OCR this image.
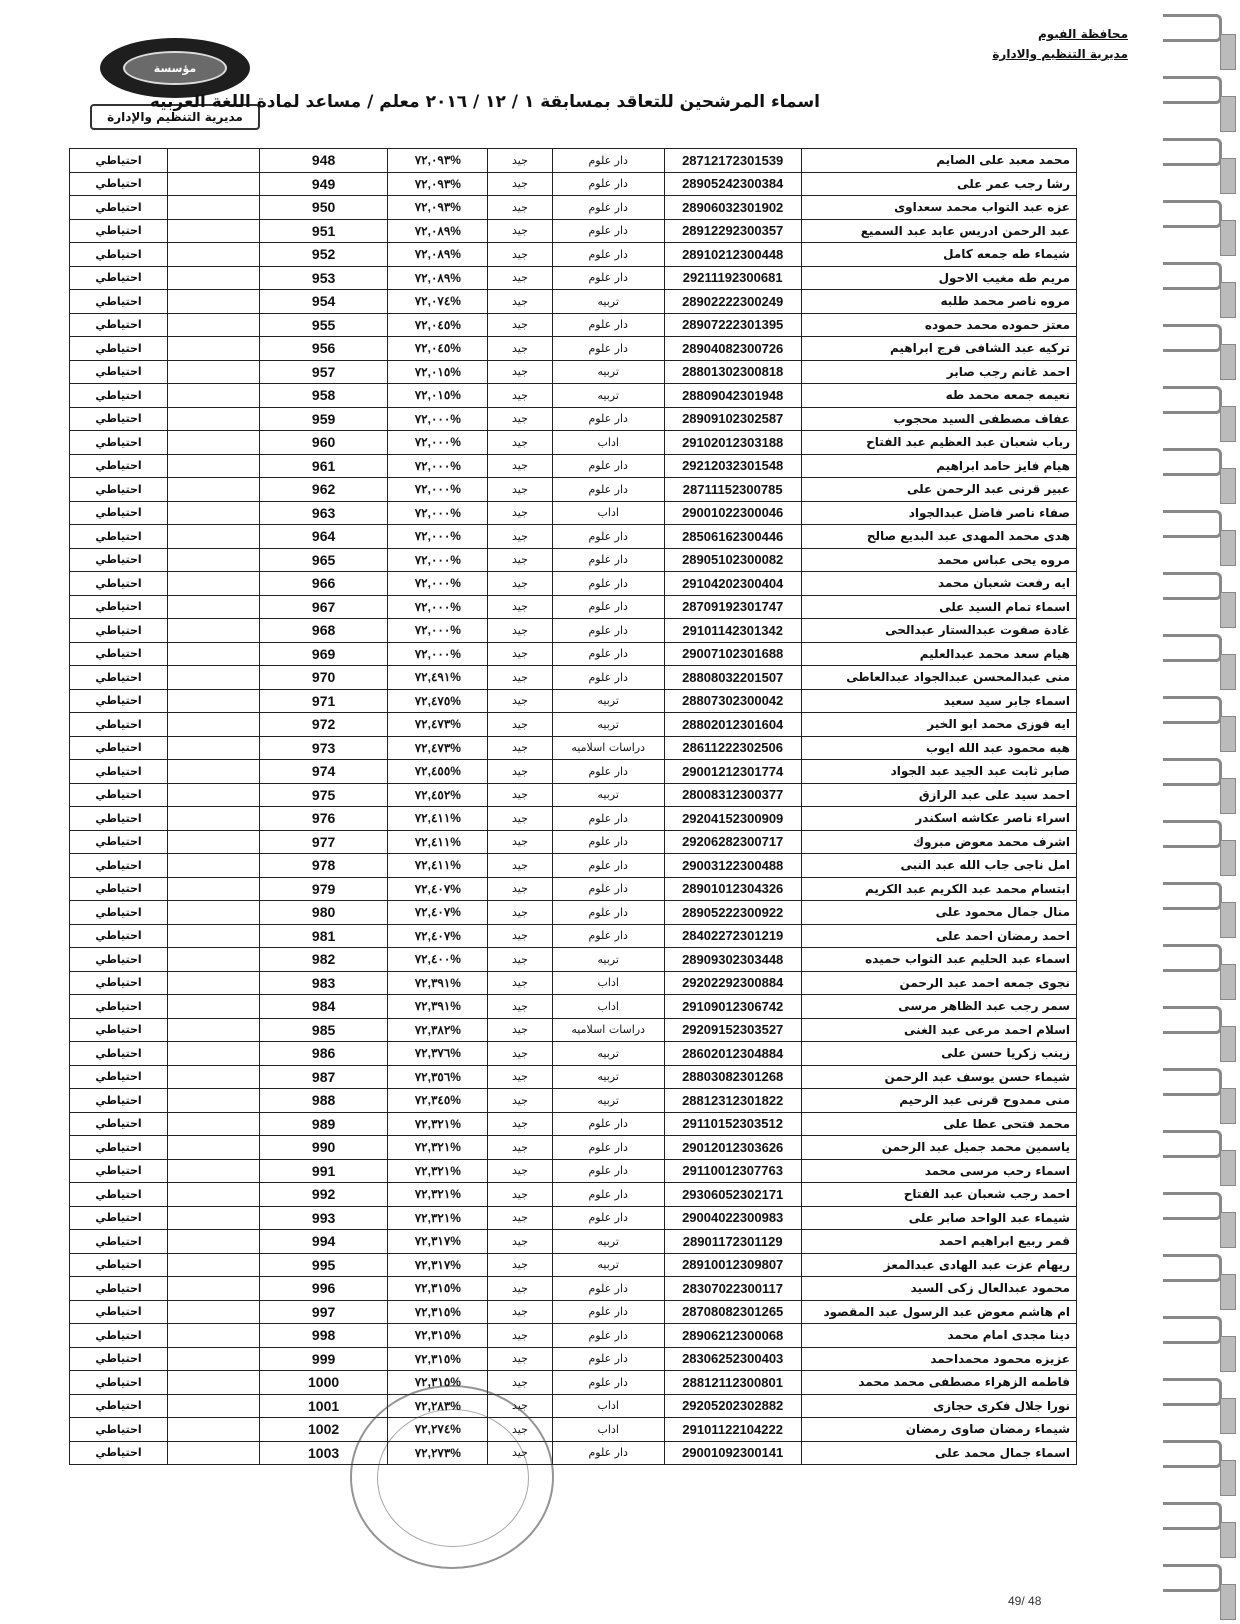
محافظة الفيوم
مديرية التنظيم والادارة
مؤسسة
مديرية التنظيم والإدارة
اسماء المرشحين للتعاقد بمسابقة ١ / ١٢ / ٢٠١٦ معلم / مساعد لمادة اللغة العربيه
محمد معبد على الصايم	28712172301539	دار علوم	جيد	%٧٢,٠٩٣	948		احتياطي
رشا رجب عمر على	28905242300384	دار علوم	جيد	%٧٢,٠٩٣	949		احتياطي
عزه عبد التواب محمد سعداوى	28906032301902	دار علوم	جيد	%٧٢,٠٩٣	950		احتياطي
عبد الرحمن ادريس عابد عبد السميع	28912292300357	دار علوم	جيد	%٧٢,٠٨٩	951		احتياطي
شيماء طه جمعه كامل	28910212300448	دار علوم	جيد	%٧٢,٠٨٩	952		احتياطي
مريم طه مغيب الاحول	29211192300681	دار علوم	جيد	%٧٢,٠٨٩	953		احتياطي
مروه ناصر محمد طلبه	28902222300249	تربيه	جيد	%٧٢,٠٧٤	954		احتياطي
معتز حموده محمد حموده	28907222301395	دار علوم	جيد	%٧٢,٠٤٥	955		احتياطي
تركيه عبد الشافى فرج ابراهيم	28904082300726	دار علوم	جيد	%٧٢,٠٤٥	956		احتياطي
احمد غانم رجب صابر	28801302300818	تربيه	جيد	%٧٢,٠١٥	957		احتياطي
نعيمه جمعه محمد طه	28809042301948	تربيه	جيد	%٧٢,٠١٥	958		احتياطي
عفاف مصطفى السيد محجوب	28909102302587	دار علوم	جيد	%٧٢,٠٠٠	959		احتياطي
رباب شعبان عبد العظيم عبد الفتاح	29102012303188	اداب	جيد	%٧٢,٠٠٠	960		احتياطي
هيام فايز حامد ابراهيم	29212032301548	دار علوم	جيد	%٧٢,٠٠٠	961		احتياطي
عبير قرنى عبد الرحمن على	28711152300785	دار علوم	جيد	%٧٢,٠٠٠	962		احتياطي
صفاء ناصر فاضل عبدالجواد	29001022300046	اداب	جيد	%٧٢,٠٠٠	963		احتياطي
هدى محمد المهدى عبد البديع صالح	28506162300446	دار علوم	جيد	%٧٢,٠٠٠	964		احتياطي
مروه يحى عباس محمد	28905102300082	دار علوم	جيد	%٧٢,٠٠٠	965		احتياطي
ايه رفعت شعبان محمد	29104202300404	دار علوم	جيد	%٧٢,٠٠٠	966		احتياطي
اسماء تمام السيد على	28709192301747	دار علوم	جيد	%٧٢,٠٠٠	967		احتياطي
غادة صفوت عبدالستار عبدالحى	29101142301342	دار علوم	جيد	%٧٢,٠٠٠	968		احتياطي
هيام سعد محمد عبدالعليم	29007102301688	دار علوم	جيد	%٧٢,٠٠٠	969		احتياطي
منى عبدالمحسن عبدالجواد عبدالعاطى	28808032201507	دار علوم	جيد	%٧٢,٤٩١	970		احتياطي
اسماء جابر سيد سعيد	28807302300042	تربيه	جيد	%٧٢,٤٧٥	971		احتياطي
ايه فوزى محمد ابو الخير	28802012301604	تربيه	جيد	%٧٢,٤٧٣	972		احتياطي
هبه محمود عبد الله ايوب	28611222302506	دراسات اسلاميه	جيد	%٧٢,٤٧٣	973		احتياطي
صابر ثابت عبد الجيد عبد الجواد	29001212301774	دار علوم	جيد	%٧٢,٤٥٥	974		احتياطي
احمد سيد على عبد الرازق	28008312300377	تربيه	جيد	%٧٢,٤٥٢	975		احتياطي
اسراء ناصر عكاشه اسكندر	29204152300909	دار علوم	جيد	%٧٢,٤١١	976		احتياطي
اشرف محمد معوض مبروك	29206282300717	دار علوم	جيد	%٧٢,٤١١	977		احتياطي
امل ناجى جاب الله عبد النبى	29003122300488	دار علوم	جيد	%٧٢,٤١١	978		احتياطي
ابتسام محمد عبد الكريم عبد الكريم	28901012304326	دار علوم	جيد	%٧٢,٤٠٧	979		احتياطي
منال جمال محمود على	28905222300922	دار علوم	جيد	%٧٢,٤٠٧	980		احتياطي
احمد رمضان احمد على	28402272301219	دار علوم	جيد	%٧٢,٤٠٧	981		احتياطي
اسماء عبد الحليم عبد التواب حميده	28909302303448	تربيه	جيد	%٧٢,٤٠٠	982		احتياطي
نجوى جمعه احمد عبد الرحمن	29202292300884	اداب	جيد	%٧٢,٣٩١	983		احتياطي
سمر رجب عبد الظاهر مرسى	29109012306742	اداب	جيد	%٧٢,٣٩١	984		احتياطي
اسلام احمد مرعى عبد الغنى	29209152303527	دراسات اسلاميه	جيد	%٧٢,٣٨٢	985		احتياطي
زينب زكريا حسن على	28602012304884	تربيه	جيد	%٧٢,٣٧٦	986		احتياطي
شيماء حسن يوسف عبد الرحمن	28803082301268	تربيه	جيد	%٧٢,٣٥٦	987		احتياطي
منى ممدوح قرنى عبد الرحيم	28812312301822	تربيه	جيد	%٧٢,٣٤٥	988		احتياطي
محمد فتحى عطا على	29110152303512	دار علوم	جيد	%٧٢,٣٢١	989		احتياطي
ياسمين محمد جميل عبد الرحمن	29012012303626	دار علوم	جيد	%٧٢,٣٢١	990		احتياطي
اسماء رحب مرسى محمد	29110012307763	دار علوم	جيد	%٧٢,٣٢١	991		احتياطي
احمد رجب شعبان عبد الفتاح	29306052302171	دار علوم	جيد	%٧٢,٣٢١	992		احتياطي
شيماء عبد الواحد صابر على	29004022300983	دار علوم	جيد	%٧٢,٣٢١	993		احتياطي
قمر ربيع ابراهيم احمد	28901172301129	تربيه	جيد	%٧٢,٣١٧	994		احتياطي
ريهام عزت عبد الهادى عبدالمعز	28910012309807	تربيه	جيد	%٧٢,٣١٧	995		احتياطي
محمود عبدالعال زكى السيد	28307022300117	دار علوم	جيد	%٧٢,٣١٥	996		احتياطي
ام هاشم معوض عبد الرسول عبد المقصود	28708082301265	دار علوم	جيد	%٧٢,٣١٥	997		احتياطي
دينا مجدى امام محمد	28906212300068	دار علوم	جيد	%٧٢,٣١٥	998		احتياطي
عزيزه محمود محمداحمد	28306252300403	دار علوم	جيد	%٧٢,٣١٥	999		احتياطي
فاطمه الزهراء مصطفى محمد محمد	28812112300801	دار علوم	جيد	%٧٢,٣١٥	1000		احتياطي
نورا جلال فكرى حجازى	29205202302882	اداب	جيد	%٧٢,٢٨٣	1001		احتياطي
شيماء رمضان صاوى رمضان	29101122104222	اداب	جيد	%٧٢,٢٧٤	1002		احتياطي
اسماء جمال محمد على	29001092300141	دار علوم	جيد	%٧٢,٢٧٣	1003		احتياطي
49/ 48
